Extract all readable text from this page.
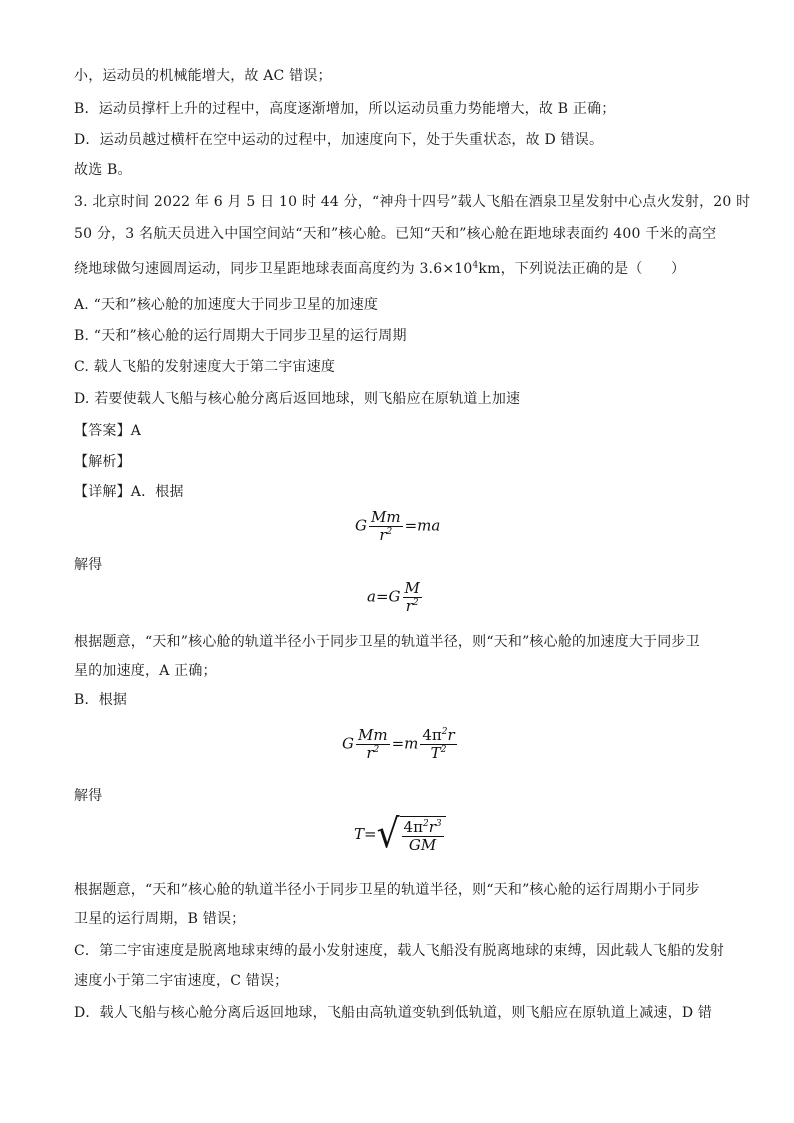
小，运动员的机械能增大，故 AC 错误；
B．运动员撑杆上升的过程中，高度逐渐增加，所以运动员重力势能增大，故 B 正确；
D．运动员越过横杆在空中运动的过程中，加速度向下，处于失重状态，故 D 错误。
故选 B。
3. 北京时间 2022 年 6 月 5 日 10 时 44 分，“神舟十四号”载人飞船在酒泉卫星发射中心点火发射，20 时
50 分，3 名航天员进入中国空间站“天和”核心舱。已知“天和”核心舱在距地球表面约 400 千米的高空
绕地球做匀速圆周运动，同步卫星距地球表面高度约为 $3.6\times 10^4km$，下列说法正确的是（　　）
A. “天和”核心舱的加速度大于同步卫星的加速度
B. “天和”核心舱的运行周期大于同步卫星的运行周期
C. 载人飞船的发射速度大于第二宇宙速度
D. 若要使载人飞船与核心舱分离后返回地球，则飞船应在原轨道上加速
【答案】A
【解析】
【详解】A．根据
G $\frac{Mm}{r^2} =ma$
解得
$a=G \frac{M}{r^2}$
根据题意，“天和”核心舱的轨道半径小于同步卫星的轨道半径，则“天和”核心舱的加速度大于同步卫
星的加速度，A 正确；
B．根据
G $\frac{Mm}{r^2} =m \frac{4\pi^2r}{T^2}$
解得
T= √ $\frac{4\pi^2r^3}{GM}$
根据题意，“天和”核心舱的轨道半径小于同步卫星的轨道半径，则“天和”核心舱的运行周期小于同步
卫星的运行周期，B 错误；
C．第二宇宙速度是脱离地球束缚的最小发射速度，载人飞船没有脱离地球的束缚，因此载人飞船的发射
速度小于第二宇宙速度，C 错误；
D．载人飞船与核心舱分离后返回地球，飞船由高轨道变轨到低轨道，则飞船应在原轨道上减速，D 错
